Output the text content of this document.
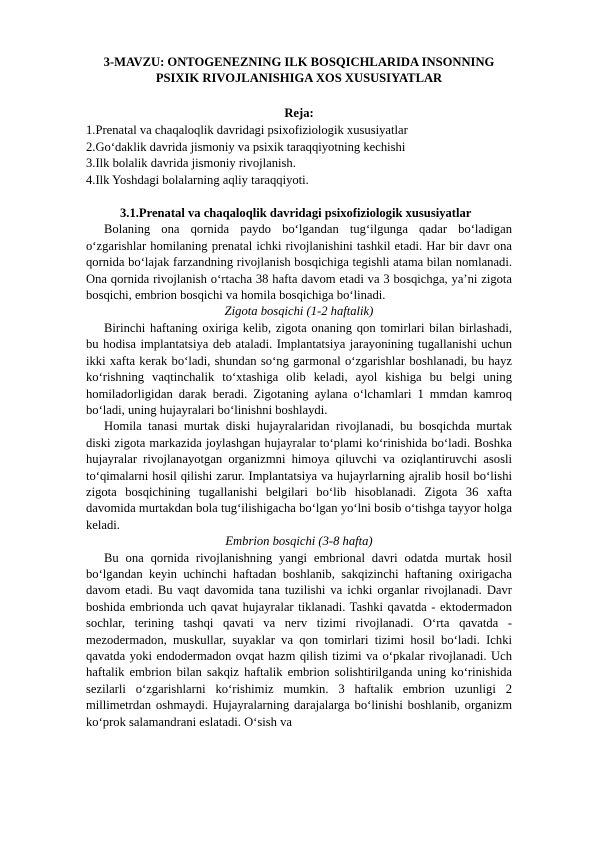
3-MAVZU: ONTOGENEZNING ILK BOSQICHLARIDA INSONNING
PSIXIK RIVOJLANISHIGA XOS XUSUSIYATLAR
Reja:
1.Prenatal va chaqaloqlik davridagi psixofiziologik xususiyatlar
2.Go‘daklik davrida jismoniy va psixik taraqqiyotning kechishi
3.Ilk bolalik davrida jismoniy rivojlanish.
4.Ilk Yoshdagi bolalarning aqliy taraqqiyoti.
3.1.Prenatal va chaqaloqlik davridagi psixofiziologik xususiyatlar

Bolaning ona qornida paydo bo‘lgandan tug‘ilgunga qadar bo‘ladigan o‘zgarishlar homilaning prenatal ichki rivojlanishini tashkil etadi. Har bir davr ona qornida bo‘lajak farzandning rivojlanish bosqichiga tegishli atama bilan nomlanadi. Ona qornida rivojlanish o‘rtacha 38 hafta davom etadi va 3 bosqichga, ya’ni zigota bosqichi, embrion bosqichi va homila bosqichiga bo‘linadi.

Zigota bosqichi (1-2 haftalik)

Birinchi haftaning oxiriga kelib, zigota onaning qon tomirlari bilan birlashadi, bu hodisa implantatsiya deb ataladi. Implantatsiya jarayonining tugallanishi uchun ikki xafta kerak bo‘ladi, shundan so‘ng garmonal o‘zgarishlar boshlanadi, bu hayz ko‘rishning vaqtinchalik to‘xtashiga olib keladi, ayol kishiga bu belgi uning homiladorligidan darak beradi. Zigotaning aylana o‘lchamlari 1 mmdan kamroq bo‘ladi, uning hujayralari bo‘linishni boshlaydi.

Homila tanasi murtak diski hujayralaridan rivojlanadi, bu bosqichda murtak diski zigota markazida joylashgan hujayralar to‘plami ko‘rinishida bo‘ladi. Boshka hujayralar rivojlanayotgan organizmni himoya qiluvchi va oziqlantiruvchi asosli to‘qimalarni hosil qilishi zarur. Implantatsiya va hujayrlarning ajralib hosil bo‘lishi zigota bosqichining tugallanishi belgilari bo‘lib hisoblanadi. Zigota 36 xafta davomida murtakdan bola tug‘ilishigacha bo‘lgan yo‘lni bosib o‘tishga tayyor holga keladi.

Embrion bosqichi (3-8 hafta)

Bu ona qornida rivojlanishning yangi embrional davri odatda murtak hosil bo‘lgandan keyin uchinchi haftadan boshlanib, sakqizinchi haftaning oxirigacha davom etadi. Bu vaqt davomida tana tuzilishi va ichki organlar rivojlanadi. Davr boshida embrionda uch qavat hujayralar tiklanadi. Tashki qavatda - ektodermadon sochlar, terining tashqi qavati va nerv tizimi rivojlanadi. O‘rta qavatda - mezodermadon, muskullar, suyaklar va qon tomirlari tizimi hosil bo‘ladi. Ichki qavatda yoki endodermadon ovqat hazm qilish tizimi va o‘pkalar rivojlanadi. Uch haftalik embrion bilan sakqiz haftalik embrion solishtirilganda uning ko‘rinishida sezilarli o‘zgarishlarni ko‘rishimiz mumkin. 3 haftalik embrion uzunligi 2 millimetrdan oshmaydi. Hujayralarning darajalarga bo‘linishi boshlanib, organizm ko‘prok salamandrani eslatadi. O‘sish va
